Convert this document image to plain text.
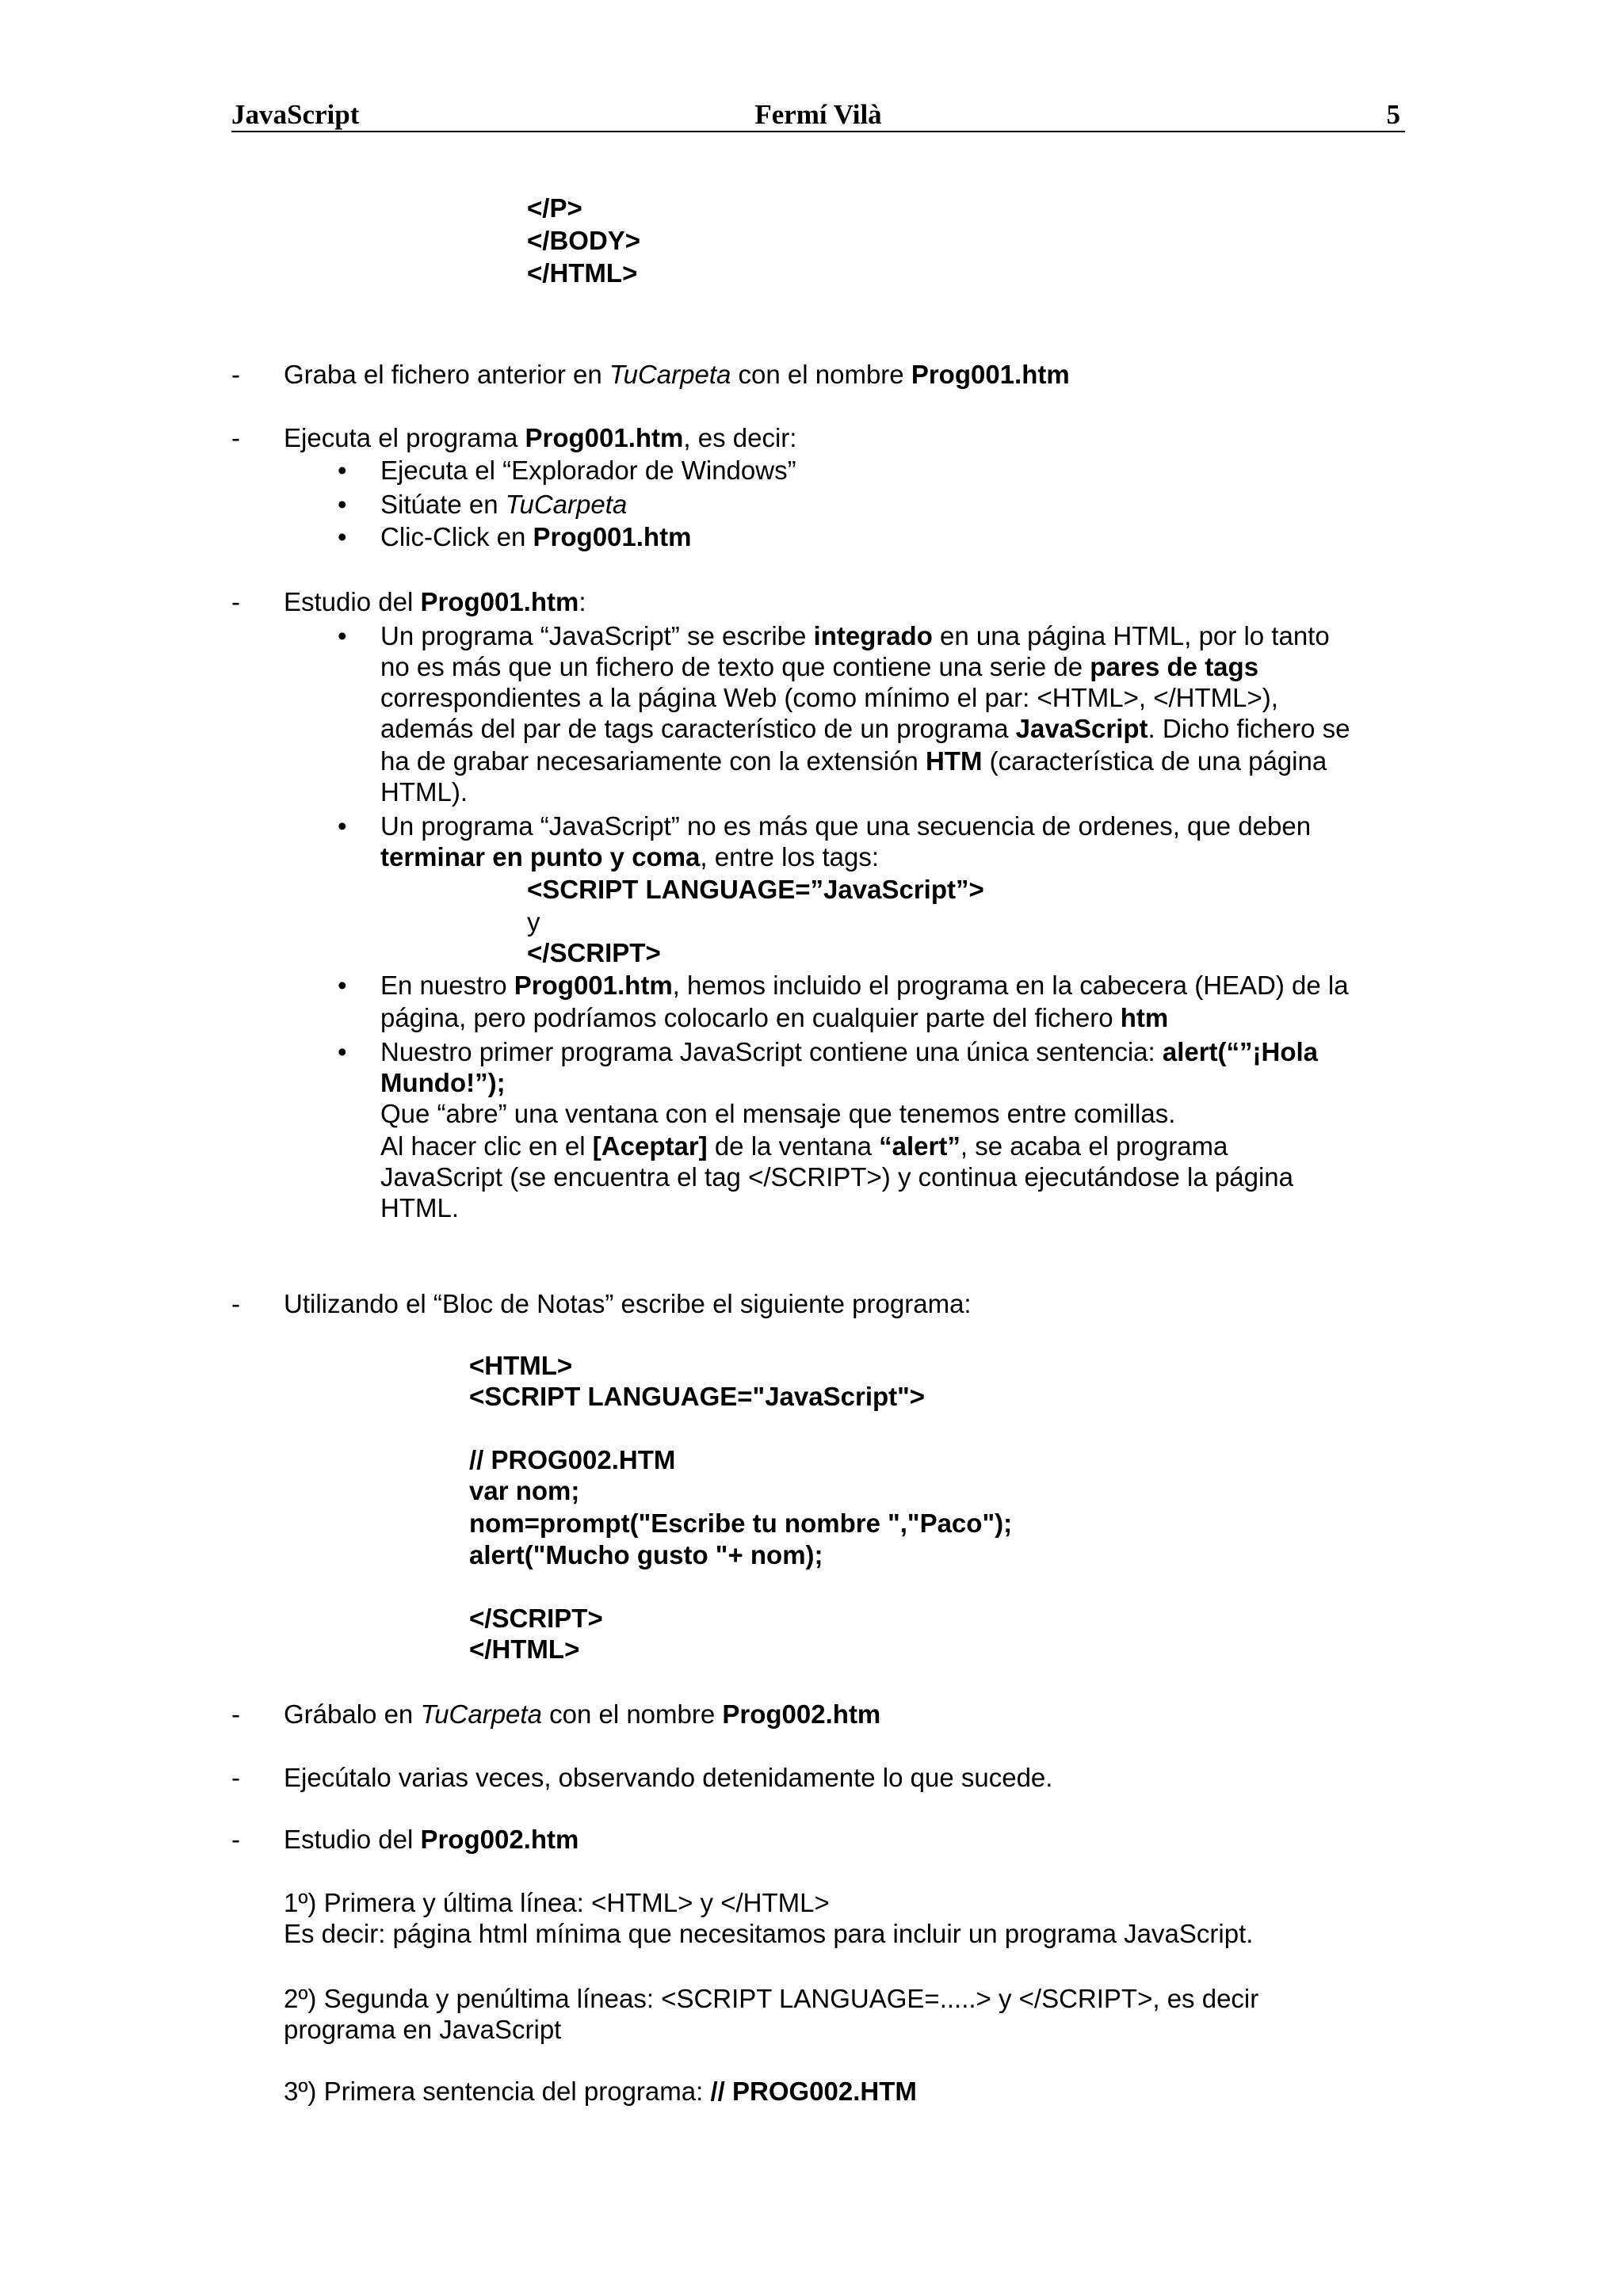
JavaScript	Fermí Vilà	5
</P>
</BODY>
</HTML>
- Graba el fichero anterior en TuCarpeta con el nombre Prog001.htm
- Ejecuta el programa Prog001.htm, es decir:
• Ejecuta el “Explorador de Windows”
• Sitúate en TuCarpeta
• Clic-Click en Prog001.htm
- Estudio del Prog001.htm:
• Un programa “JavaScript” se escribe integrado en una página HTML, por lo tanto
no es más que un fichero de texto que contiene una serie de pares de tags
correspondientes a la página Web (como mínimo el par: <HTML>, </HTML>),
además del par de tags característico de un programa JavaScript. Dicho fichero se
ha de grabar necesariamente con la extensión HTM (característica de una página
HTML).
• Un programa “JavaScript” no es más que una secuencia de ordenes, que deben
terminar en punto y coma, entre los tags:
<SCRIPT LANGUAGE=”JavaScript”>
y
</SCRIPT>
• En nuestro Prog001.htm, hemos incluido el programa en la cabecera (HEAD) de la
página, pero podríamos colocarlo en cualquier parte del fichero htm
• Nuestro primer programa JavaScript contiene una única sentencia: alert(“”¡Hola
Mundo!”);
Que “abre” una ventana con el mensaje que tenemos entre comillas.
Al hacer clic en el [Aceptar] de la ventana “alert”, se acaba el programa
JavaScript (se encuentra el tag </SCRIPT>) y continua ejecutándose la página
HTML.
- Utilizando el “Bloc de Notas” escribe el siguiente programa:
<HTML>
<SCRIPT LANGUAGE="JavaScript">
// PROG002.HTM
var nom;
nom=prompt("Escribe tu nombre ","Paco");
alert("Mucho gusto "+ nom);
</SCRIPT>
</HTML>
- Grábalo en TuCarpeta con el nombre Prog002.htm
- Ejecútalo varias veces, observando detenidamente lo que sucede.
- Estudio del Prog002.htm
1º) Primera y última línea: <HTML> y </HTML>
Es decir: página html mínima que necesitamos para incluir un programa JavaScript.
2º) Segunda y penúltima líneas: <SCRIPT LANGUAGE=.....> y </SCRIPT>, es decir
programa en JavaScript
3º) Primera sentencia del programa: // PROG002.HTM
